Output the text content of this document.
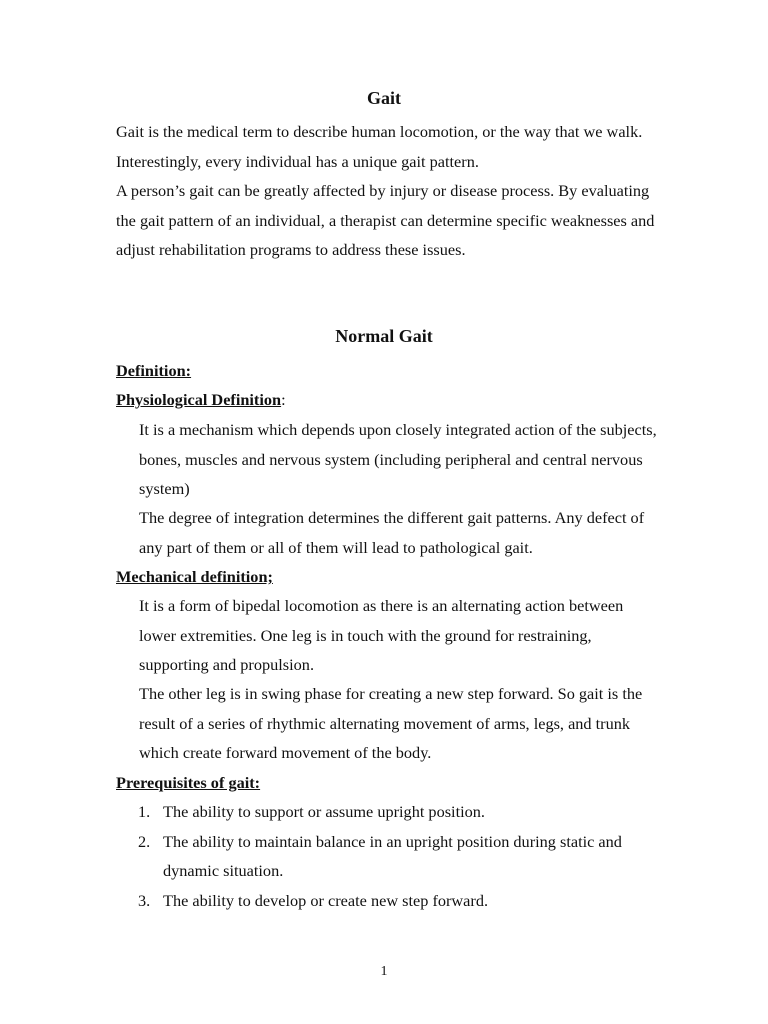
Gait

Gait is the medical term to describe human locomotion, or the way that we walk. Interestingly, every individual has a unique gait pattern.

A person’s gait can be greatly affected by injury or disease process. By evaluating the gait pattern of an individual, a therapist can determine specific weaknesses and adjust rehabilitation programs to address these issues.

Normal Gait
Definition:
Physiological Definition:

It is a mechanism which depends upon closely integrated action of the subjects, bones, muscles and nervous system (including peripheral and central nervous system)

The degree of integration determines the different gait patterns. Any defect of any part of them or all of them will lead to pathological gait.

Mechanical definition;

It is a form of bipedal locomotion as there is an alternating action between lower extremities. One leg is in touch with the ground for restraining, supporting and propulsion.

The other leg is in swing phase for creating a new step forward. So gait is the result of a series of rhythmic alternating movement of arms, legs, and trunk which create forward movement of the body.

Prerequisites of gait:
1. The ability to support or assume upright position.
2. The ability to maintain balance in an upright position during static and dynamic situation.
3. The ability to develop or create new step forward.
1
